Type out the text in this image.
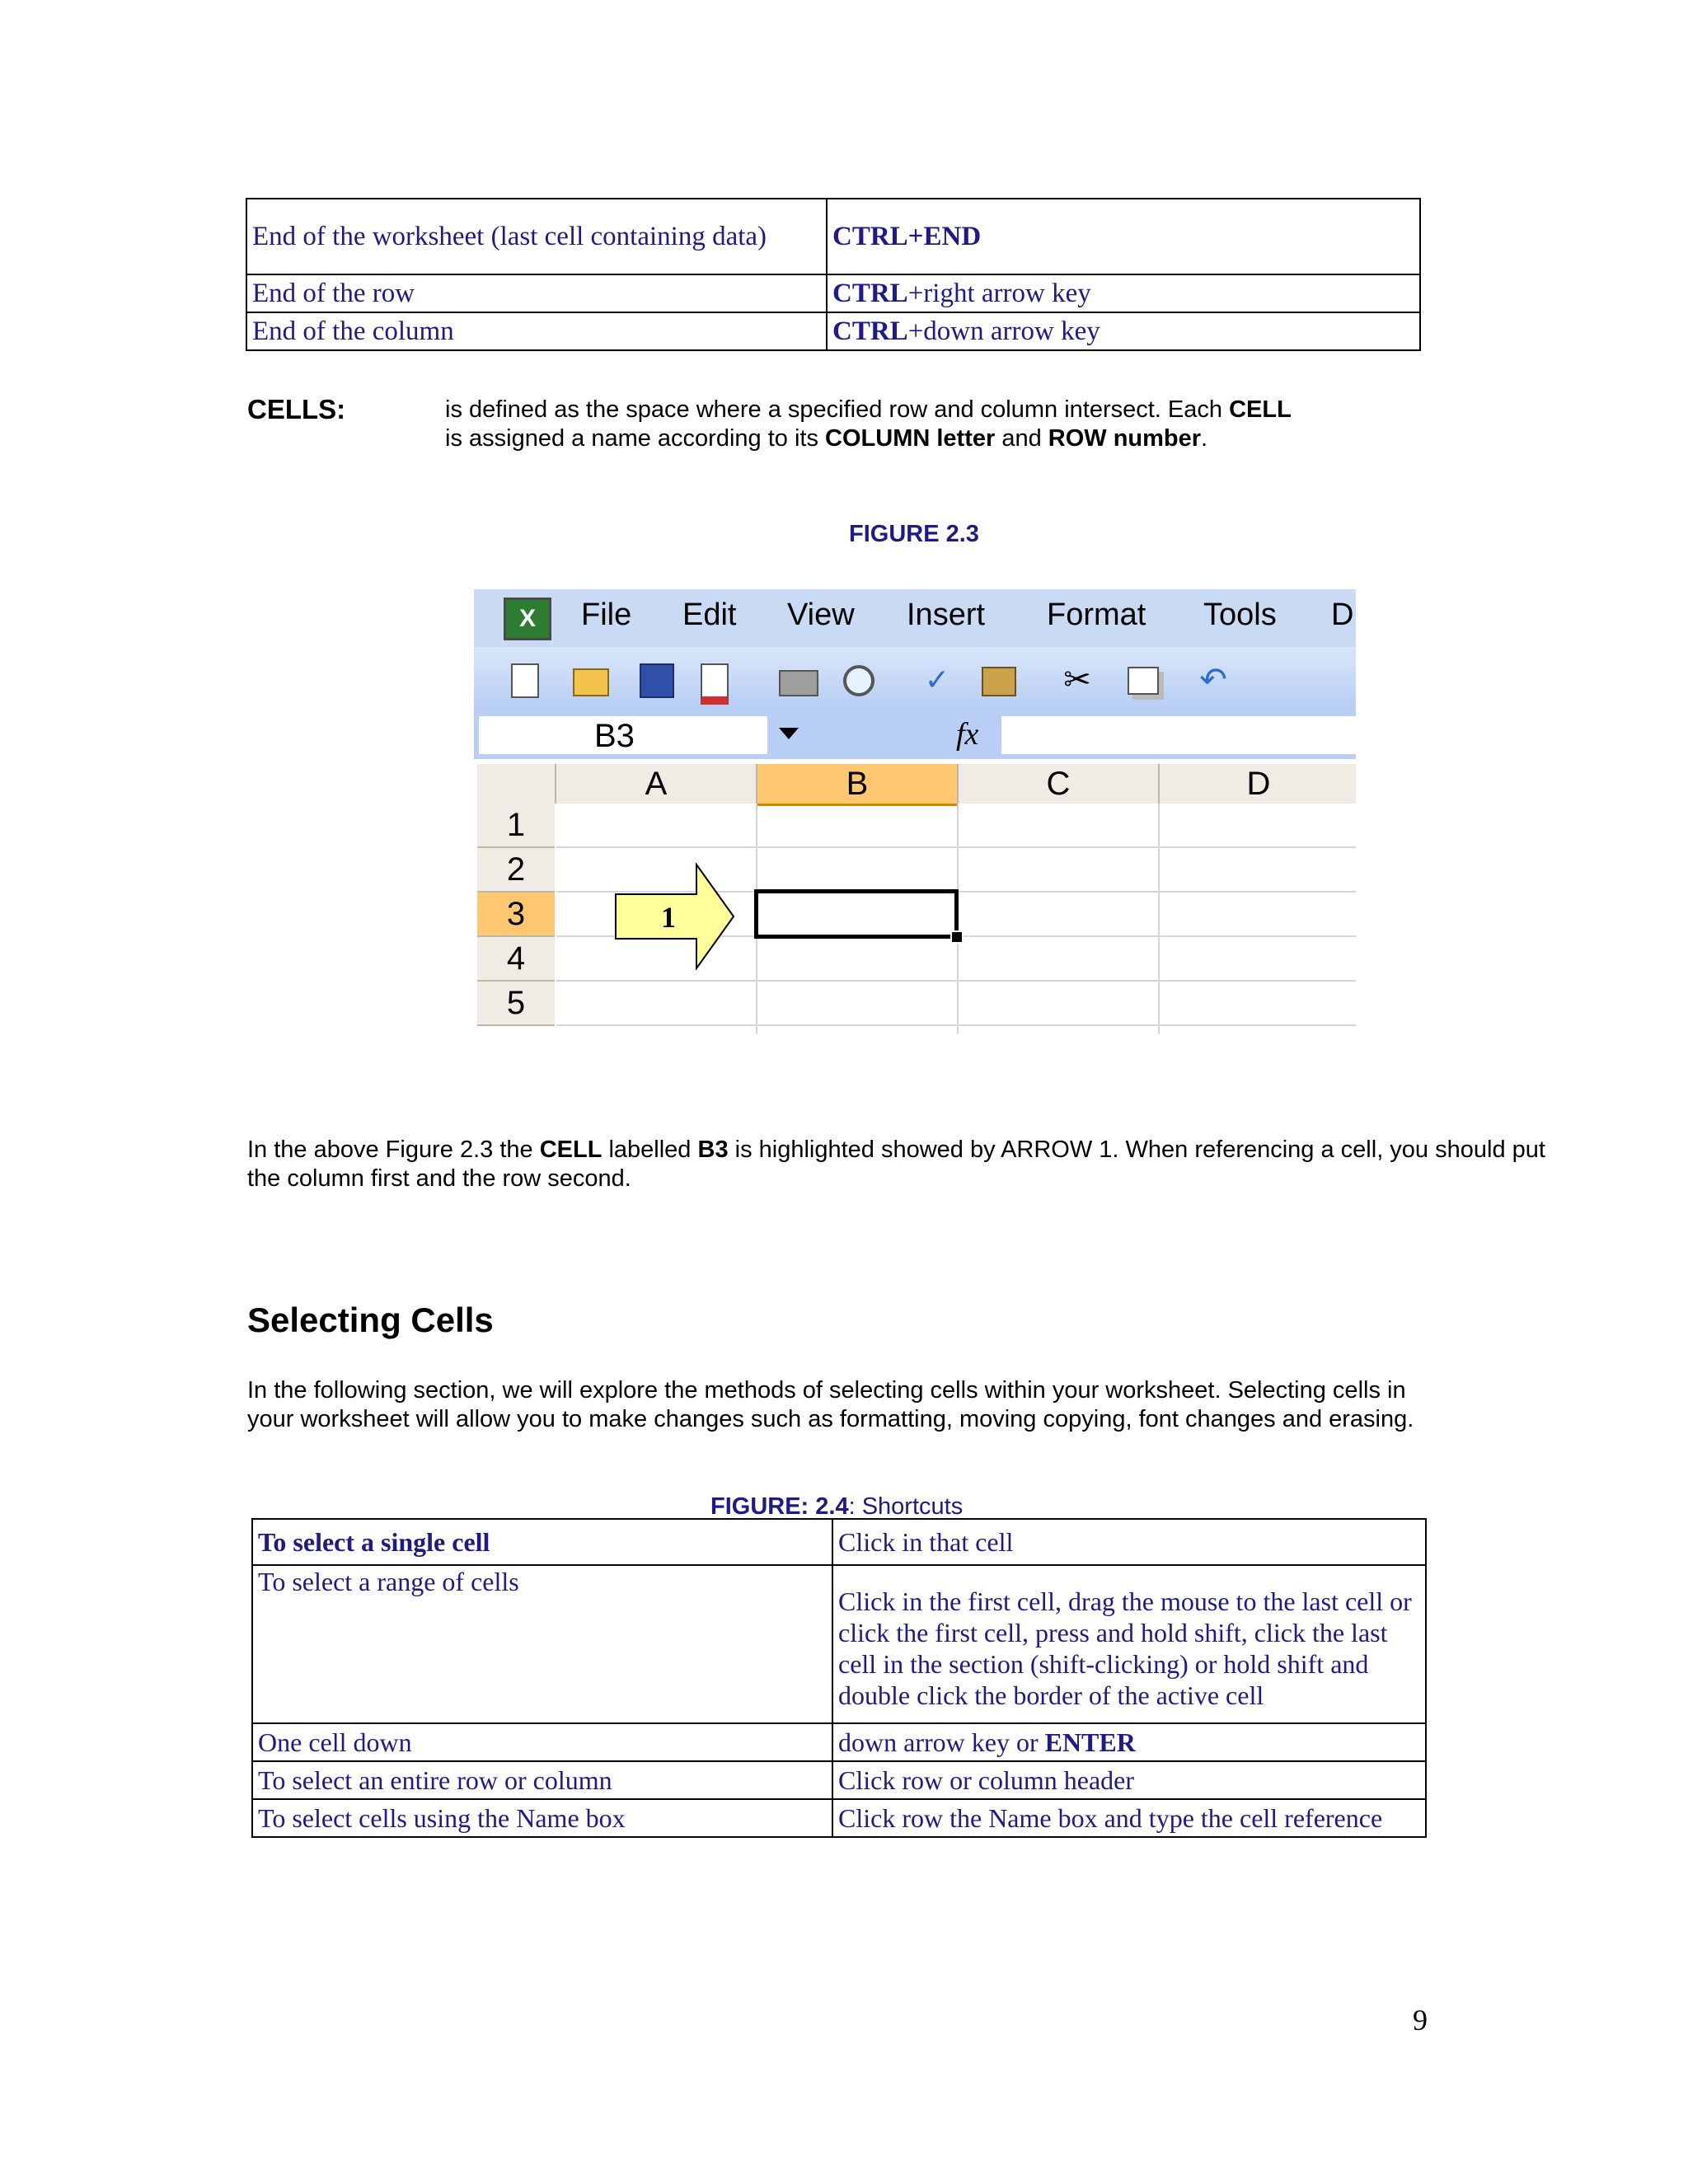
End of the worksheet (last cell containing data)	CTRL+END
End of the row	CTRL+right arrow key
End of the column	CTRL+down arrow key
CELLS:	is defined as the space where a specified row and column intersect. Each CELL is assigned a name according to its COLUMN letter and ROW number.
FIGURE 2.3
X	File Edit View Insert Format Tools D
✓	✂	↶
B3	fx
A	B	C	D
1
2
3
4
5
1
In the above Figure 2.3 the CELL labelled B3 is highlighted showed by ARROW 1. When referencing a cell, you should put the column first and the row second.
Selecting Cells
In the following section, we will explore the methods of selecting cells within your worksheet. Selecting cells in your worksheet will allow you to make changes such as formatting, moving copying, font changes and erasing.
FIGURE: 2.4: Shortcuts
To select a single cell	Click in that cell
To select a range of cells	Click in the first cell, drag the mouse to the last cell or click the first cell, press and hold shift, click the last cell in the section (shift-clicking) or hold shift and double click the border of the active cell
One cell down	down arrow key or ENTER
To select an entire row or column	Click row or column header
To select cells using the Name box	Click row the Name box and type the cell reference
9
